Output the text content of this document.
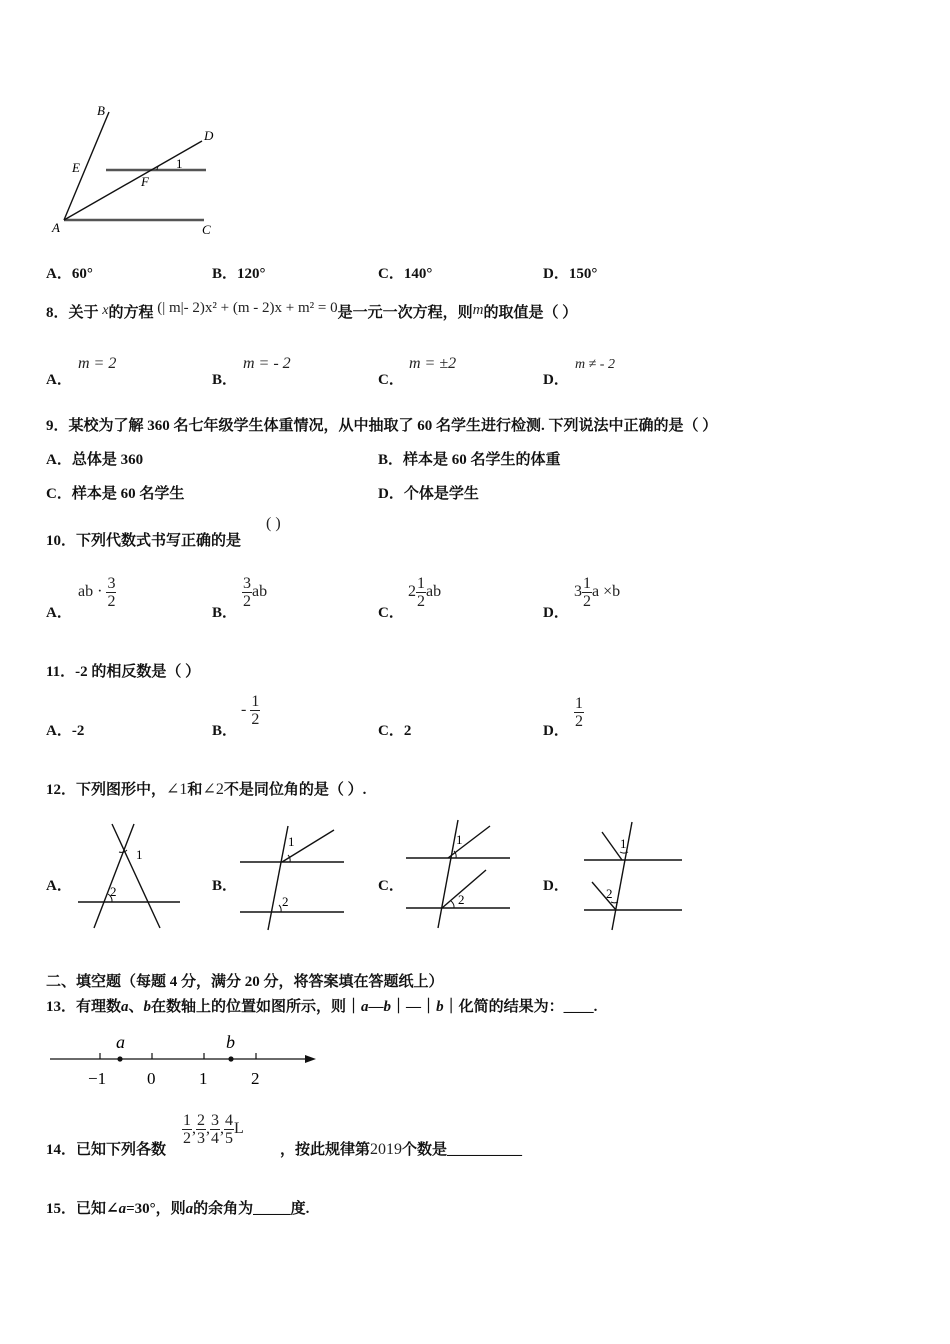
B
D
E
F
1
A	C
A．60°	B．120°	C．140°	D．150°
8．关于 x的方程 (| m|- 2)x² + (m - 2)x + m² = 0是一元一次方程，则m的取值是（ ）
A．
m = 2
B．
m = - 2
C．
m = ±2
D．
m ≠ - 2
9．某校为了解 360 名七年级学生体重情况，从中抽取了 60 名学生进行检测. 下列说法中正确的是（ ）
A．总体是 360	B．样本是 60 名学生的体重
C．样本是 60 名学生	D．个体是学生
10．下列代数式书写正确的是
( )
A．
ab · $\frac{3}{2}$
B．
$\frac{3}{2}$ ab
C．
$2 \frac{1}{2}$ ab
D．
$3 \frac{1}{2}$ a ×b
11．-2 的相反数是（ ）
A．-2	B．
- $\frac{1}{2}$
C．2	D．
$\frac{1}{2}$
12．下列图形中，∠1和∠2不是同位角的是（ ）.
A．
1
2	B．
1
2
C．
1
2
D．
1
2
二、填空题（每题 4 分，满分 20 分，将答案填在答题纸上）
13．有理数a、b在数轴上的位置如图所示，则｜a—b｜—｜b｜化简的结果为：____.
a	b
−1 0	1	2
14．已知下列各数
$\frac{1}{2}$ , $\frac{2}{3}$ , $\frac{3}{4}$ , $\frac{4}{5}$ L
，按此规律第2019个数是__________
15．已知∠a=30°，则a的余角为_____度.
